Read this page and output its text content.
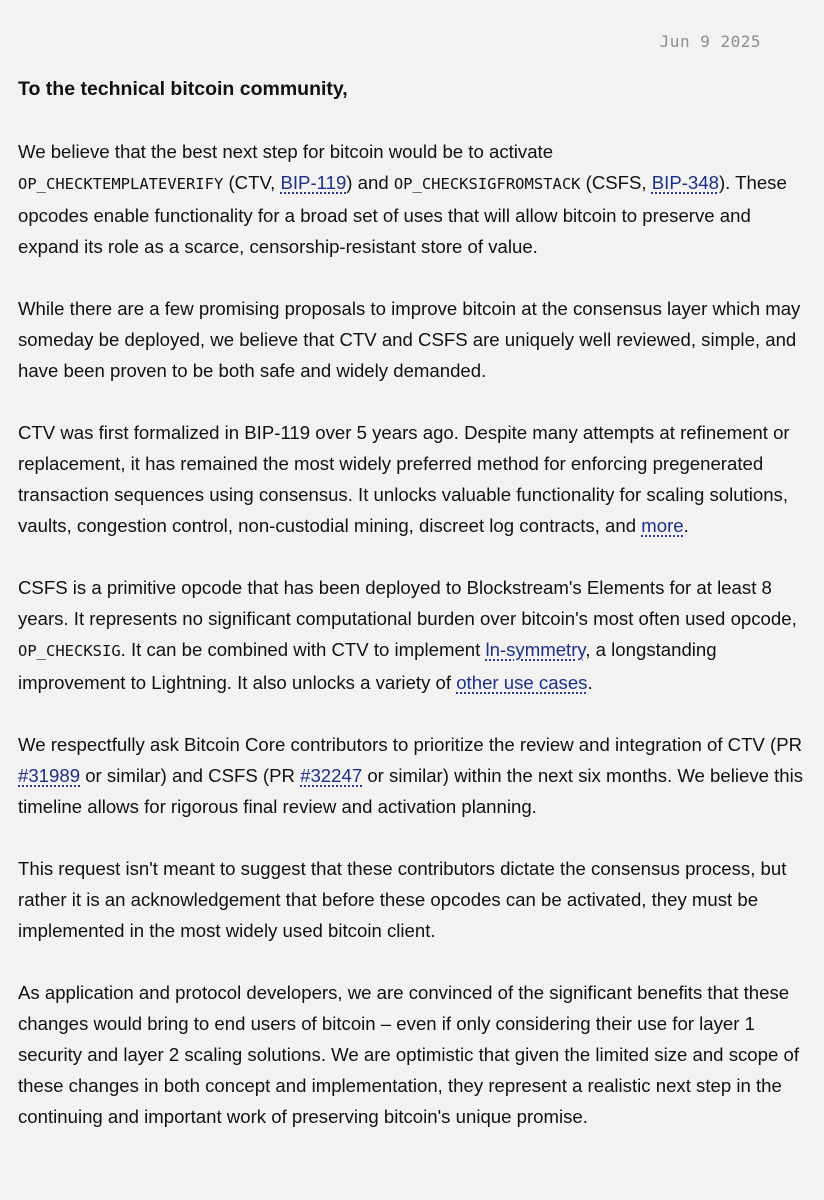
Jun 9 2025
To the technical bitcoin community,

We believe that the best next step for bitcoin would be to activate
OP_CHECKTEMPLATEVERIFY (CTV, BIP-119) and OP_CHECKSIGFROMSTACK (CSFS, BIP-348). These opcodes enable functionality for a broad set of uses that will allow bitcoin to preserve and expand its role as a scarce, censorship-resistant store of value.

While there are a few promising proposals to improve bitcoin at the consensus layer which may someday be deployed, we believe that CTV and CSFS are uniquely well reviewed, simple, and have been proven to be both safe and widely demanded.

CTV was first formalized in BIP-119 over 5 years ago. Despite many attempts at refinement or replacement, it has remained the most widely preferred method for enforcing pregenerated transaction sequences using consensus. It unlocks valuable functionality for scaling solutions, vaults, congestion control, non-custodial mining, discreet log contracts, and more.

CSFS is a primitive opcode that has been deployed to Blockstream's Elements for at least 8 years. It represents no significant computational burden over bitcoin's most often used opcode, OP_CHECKSIG. It can be combined with CTV to implement ln-symmetry, a longstanding improvement to Lightning. It also unlocks a variety of other use cases.

We respectfully ask Bitcoin Core contributors to prioritize the review and integration of CTV (PR #31989 or similar) and CSFS (PR #32247 or similar) within the next six months. We believe this timeline allows for rigorous final review and activation planning.

This request isn't meant to suggest that these contributors dictate the consensus process, but rather it is an acknowledgement that before these opcodes can be activated, they must be implemented in the most widely used bitcoin client.

As application and protocol developers, we are convinced of the significant benefits that these changes would bring to end users of bitcoin – even if only considering their use for layer 1 security and layer 2 scaling solutions. We are optimistic that given the limited size and scope of these changes in both concept and implementation, they represent a realistic next step in the continuing and important work of preserving bitcoin's unique promise.
